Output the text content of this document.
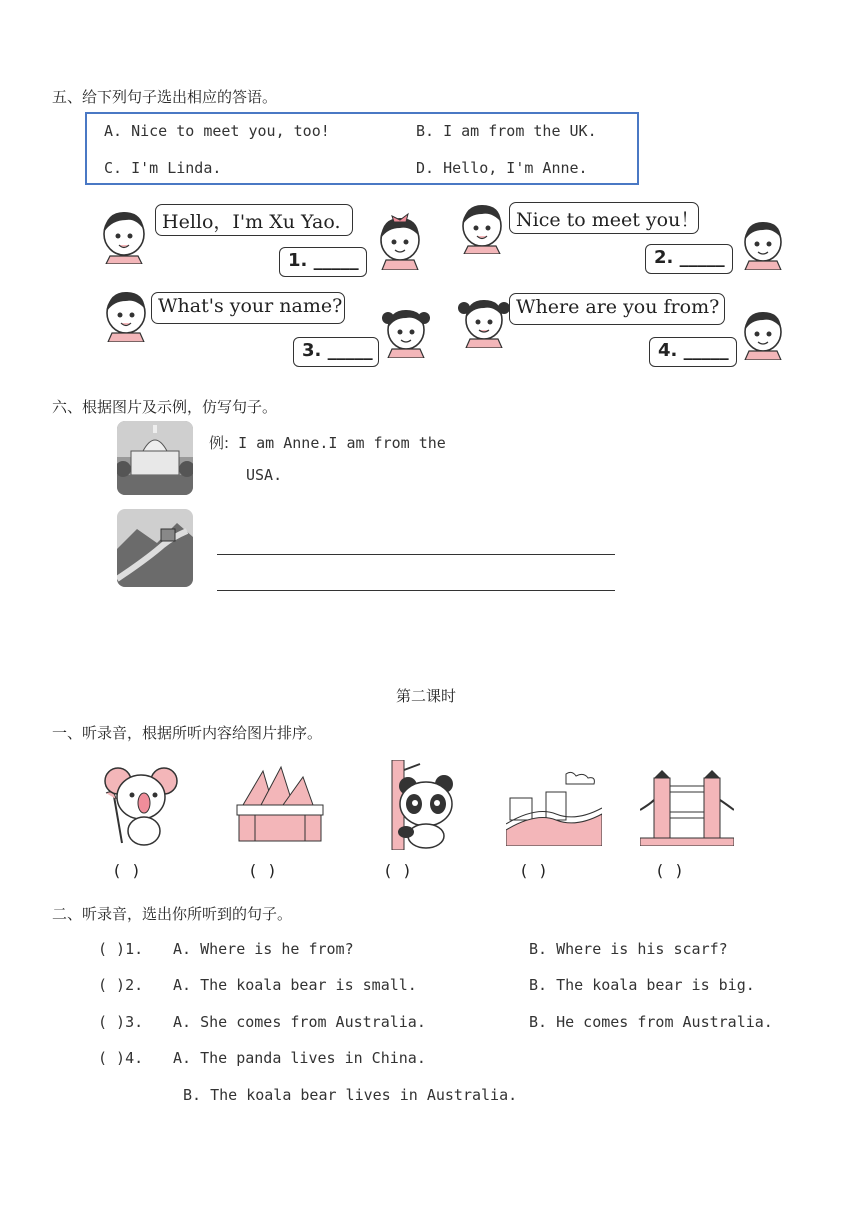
五、给下列句子选出相应的答语。
A. Nice to meet you, too!	B. I am from the UK.
C. I'm Linda.	D. Hello, I'm Anne.
Hello，I'm Xu Yao.
1. _____
Nice to meet you！
2. _____
What's your name?
3. _____
Where are you from?
4. _____
六、根据图片及示例，仿写句子。
例: I am Anne.I am from the
USA.
第二课时
一、听录音，根据所听内容给图片排序。
( )	( )	( )	( )	( )
二、听录音，选出你所听到的句子。
( )1. A. Where is he from?	B. Where is his scarf?
( )2. A. The koala bear is small.	B. The koala bear is big.
( )3. A. She comes from Australia.	B. He comes from Australia.
( )4. A. The panda lives in China.
B. The koala bear lives in Australia.
